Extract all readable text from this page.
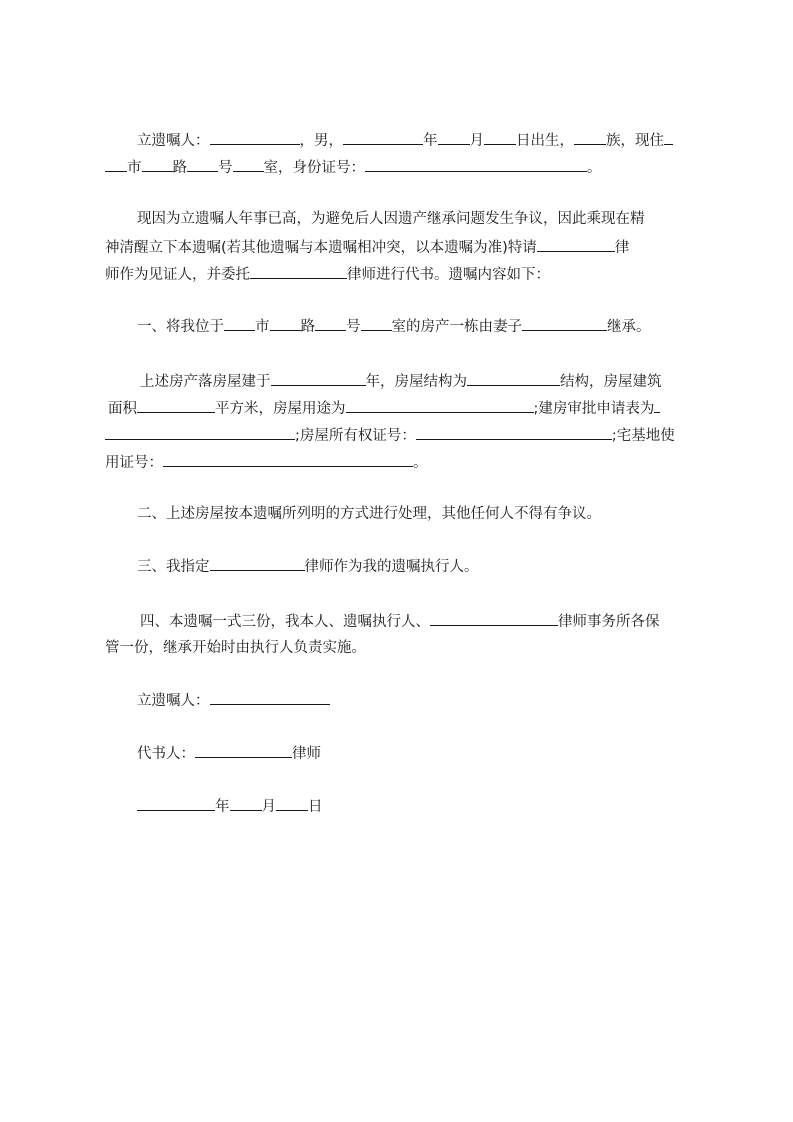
立遗嘱人：	，男，	年 月 日出生， 族，现住
市 路 号 室，身份证号：	。
现因为立遗嘱人年事已高，为避免后人因遗产继承问题发生争议，因此乘现在精
神清醒立下本遗嘱(若其他遗嘱与本遗嘱相冲突，以本遗嘱为准)特请	律
师作为见证人，并委托	律师进行代书。遗嘱内容如下：
一、将我位于 市 路 号 室的房产一栋由妻子	继承。
上述房产落房屋建于	年，房屋结构为	结构，房屋建筑
面积	平方米，房屋用途为	;建房审批申请表为
;房屋所有权证号：	;宅基地使
用证号：	。
二、上述房屋按本遗嘱所列明的方式进行处理，其他任何人不得有争议。
三、我指定	律师作为我的遗嘱执行人。
四、本遗嘱一式三份，我本人、遗嘱执行人、	律师事务所各保
管一份，继承开始时由执行人负责实施。
立遗嘱人：
代书人：	律师
年 月 日
